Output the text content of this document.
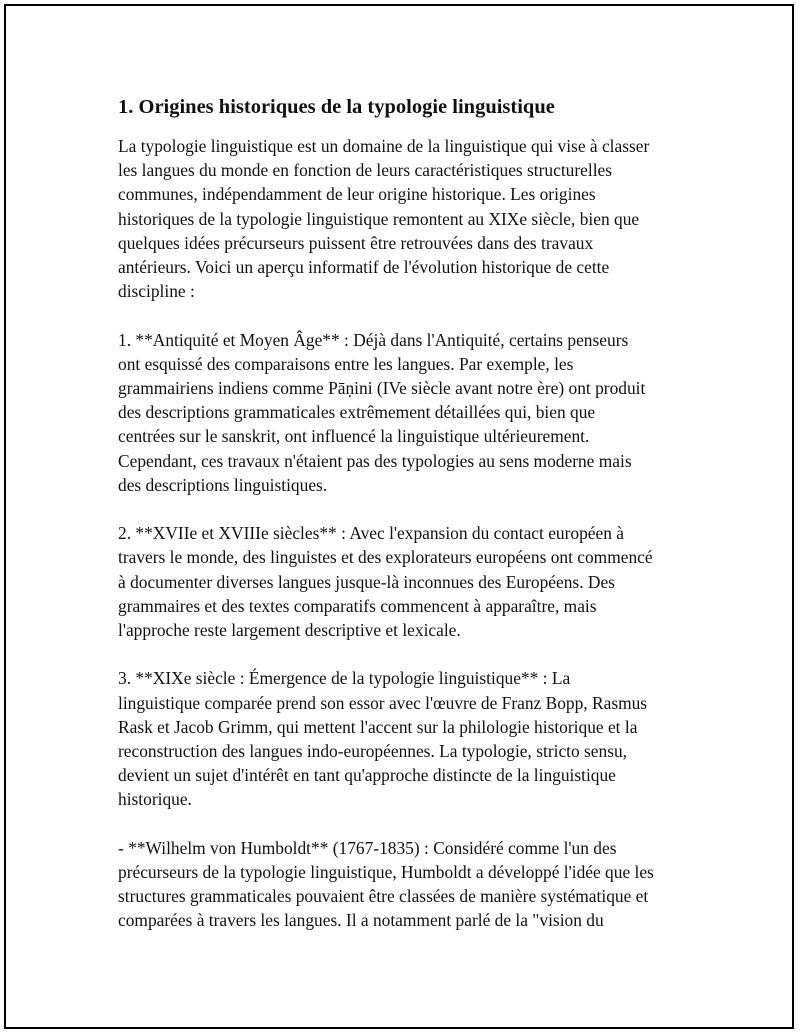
1. Origines historiques de la typologie linguistique

La typologie linguistique est un domaine de la linguistique qui vise à classer
les langues du monde en fonction de leurs caractéristiques structurelles
communes, indépendamment de leur origine historique. Les origines
historiques de la typologie linguistique remontent au XIXe siècle, bien que
quelques idées précurseurs puissent être retrouvées dans des travaux
antérieurs. Voici un aperçu informatif de l'évolution historique de cette
discipline :

1. **Antiquité et Moyen Âge** : Déjà dans l'Antiquité, certains penseurs
ont esquissé des comparaisons entre les langues. Par exemple, les
grammairiens indiens comme Pāṇini (IVe siècle avant notre ère) ont produit
des descriptions grammaticales extrêmement détaillées qui, bien que
centrées sur le sanskrit, ont influencé la linguistique ultérieurement.
Cependant, ces travaux n'étaient pas des typologies au sens moderne mais
des descriptions linguistiques.

2. **XVIIe et XVIIIe siècles** : Avec l'expansion du contact européen à
travers le monde, des linguistes et des explorateurs européens ont commencé
à documenter diverses langues jusque-là inconnues des Européens. Des
grammaires et des textes comparatifs commencent à apparaître, mais
l'approche reste largement descriptive et lexicale.

3. **XIXe siècle : Émergence de la typologie linguistique** : La
linguistique comparée prend son essor avec l'œuvre de Franz Bopp, Rasmus
Rask et Jacob Grimm, qui mettent l'accent sur la philologie historique et la
reconstruction des langues indo-européennes. La typologie, stricto sensu,
devient un sujet d'intérêt en tant qu'approche distincte de la linguistique
historique.

- **Wilhelm von Humboldt** (1767-1835) : Considéré comme l'un des
précurseurs de la typologie linguistique, Humboldt a développé l'idée que les
structures grammaticales pouvaient être classées de manière systématique et
comparées à travers les langues. Il a notamment parlé de la "vision du
